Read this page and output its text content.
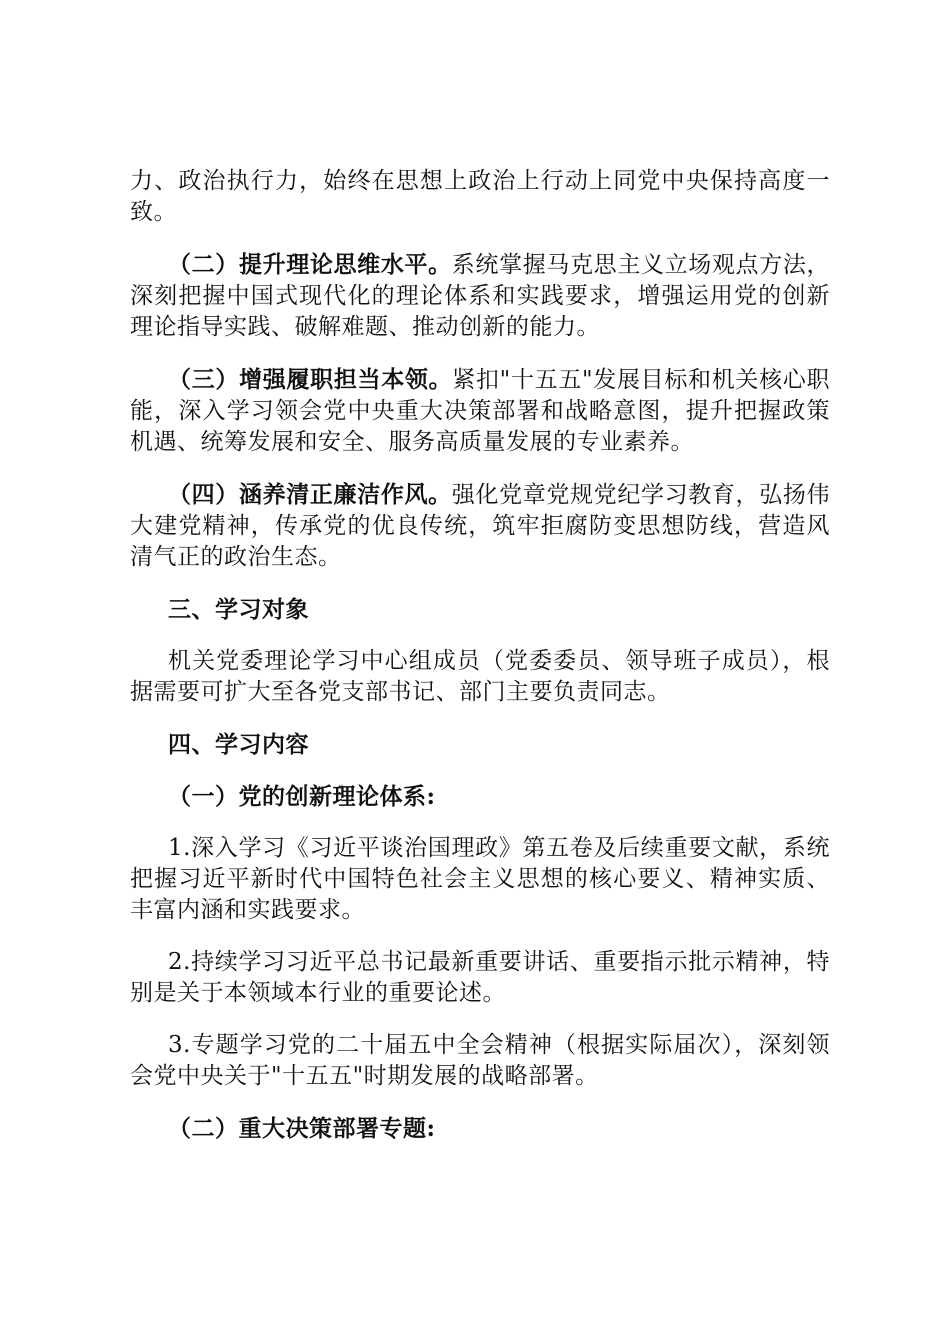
力、政治执行力，始终在思想上政治上行动上同党中央保持高度一致。

（二）提升理论思维水平。系统掌握马克思主义立场观点方法，深刻把握中国式现代化的理论体系和实践要求，增强运用党的创新理论指导实践、破解难题、推动创新的能力。

（三）增强履职担当本领。紧扣"十五五"发展目标和机关核心职能，深入学习领会党中央重大决策部署和战略意图，提升把握政策机遇、统筹发展和安全、服务高质量发展的专业素养。

（四）涵养清正廉洁作风。强化党章党规党纪学习教育，弘扬伟大建党精神，传承党的优良传统，筑牢拒腐防变思想防线，营造风清气正的政治生态。

三、学习对象

机关党委理论学习中心组成员（党委委员、领导班子成员），根据需要可扩大至各党支部书记、部门主要负责同志。

四、学习内容

（一）党的创新理论体系:

1.深入学习《习近平谈治国理政》第五卷及后续重要文献，系统把握习近平新时代中国特色社会主义思想的核心要义、精神实质、丰富内涵和实践要求。

2.持续学习习近平总书记最新重要讲话、重要指示批示精神，特别是关于本领域本行业的重要论述。

3.专题学习党的二十届五中全会精神（根据实际届次），深刻领会党中央关于"十五五"时期发展的战略部署。

（二）重大决策部署专题:
